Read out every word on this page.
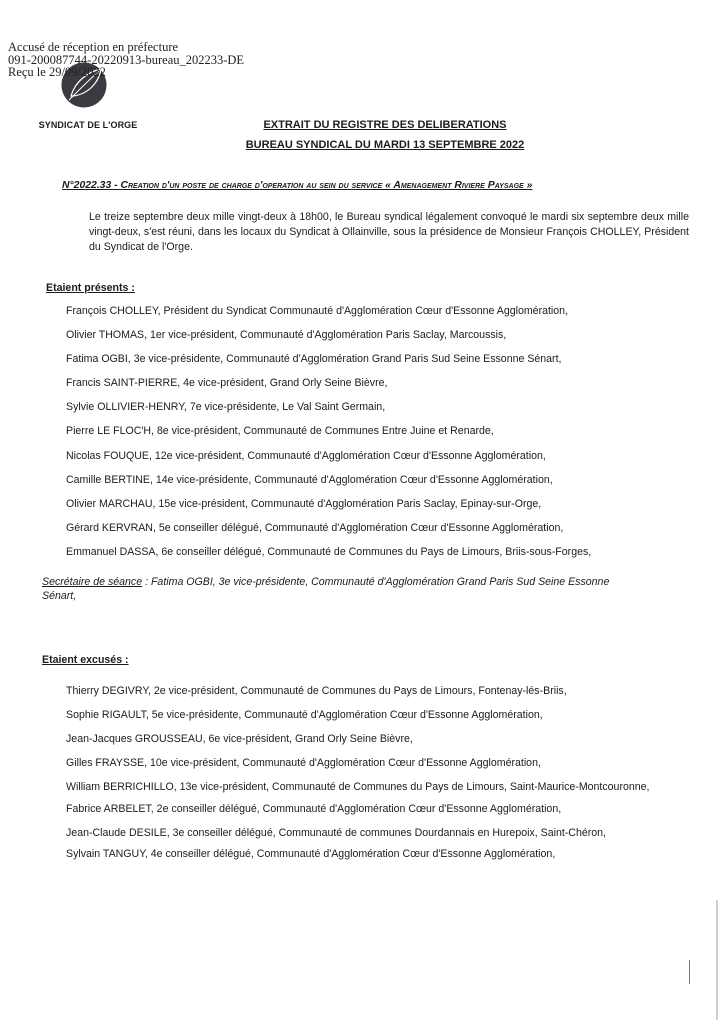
Accusé de réception en préfecture
091-200087744-20220913-bureau_202233-DE
Reçu le 29/09/2022
SYNDICAT DE L'ORGE	EXTRAIT DU REGISTRE DES DELIBERATIONS
BUREAU SYNDICAL DU MARDI 13 SEPTEMBRE 2022
N°2022.33 - Creation d'un poste de charge d'operation au sein du service « Amenagement Riviere Paysage »
Le treize septembre deux mille vingt-deux à 18h00, le Bureau syndical légalement convoqué le mardi six septembre deux mille vingt-deux, s'est réuni, dans les locaux du Syndicat à Ollainville, sous la présidence de Monsieur François CHOLLEY, Président du Syndicat de l'Orge.
Etaient présents :
François CHOLLEY, Président du Syndicat Communauté d'Agglomération Cœur d'Essonne Agglomération,
Olivier THOMAS, 1er vice-président, Communauté d'Agglomération Paris Saclay, Marcoussis,
Fatima OGBI, 3e vice-présidente, Communauté d'Agglomération Grand Paris Sud Seine Essonne Sénart,
Francis SAINT-PIERRE, 4e vice-président, Grand Orly Seine Bièvre,
Sylvie OLLIVIER-HENRY, 7e vice-présidente, Le Val Saint Germain,
Pierre LE FLOC'H, 8e vice-président, Communauté de Communes Entre Juine et Renarde,
Nicolas FOUQUE, 12e vice-président, Communauté d'Agglomération Cœur d'Essonne Agglomération,
Camille BERTINE, 14e vice-présidente, Communauté d'Agglomération Cœur d'Essonne Agglomération,
Olivier MARCHAU, 15e vice-président, Communauté d'Agglomération Paris Saclay, Epinay-sur-Orge,
Gérard KERVRAN, 5e conseiller délégué, Communauté d'Agglomération Cœur d'Essonne Agglomération,
Emmanuel DASSA, 6e conseiller délégué, Communauté de Communes du Pays de Limours, Briis-sous-Forges,
Secrétaire de séance : Fatima OGBI, 3e vice-présidente, Communauté d'Agglomération Grand Paris Sud Seine Essonne Sénart,
Etaient excusés :
Thierry DEGIVRY, 2e vice-président, Communauté de Communes du Pays de Limours, Fontenay-lés-Briis,
Sophie RIGAULT, 5e vice-présidente, Communauté d'Agglomération Cœur d'Essonne Agglomération,
Jean-Jacques GROUSSEAU, 6e vice-président, Grand Orly Seine Bièvre,
Gilles FRAYSSE, 10e vice-président, Communauté d'Agglomération Cœur d'Essonne Agglomération,
William BERRICHILLO, 13e vice-président, Communauté de Communes du Pays de Limours, Saint-Maurice-Montcouronne,
Fabrice ARBELET, 2e conseiller délégué, Communauté d'Agglomération Cœur d'Essonne Agglomération,
Jean-Claude DESILE, 3e conseiller délégué, Communauté de communes Dourdannais en Hurepoix, Saint-Chéron,
Sylvain TANGUY, 4e conseiller délégué, Communauté d'Agglomération Cœur d'Essonne Agglomération,
